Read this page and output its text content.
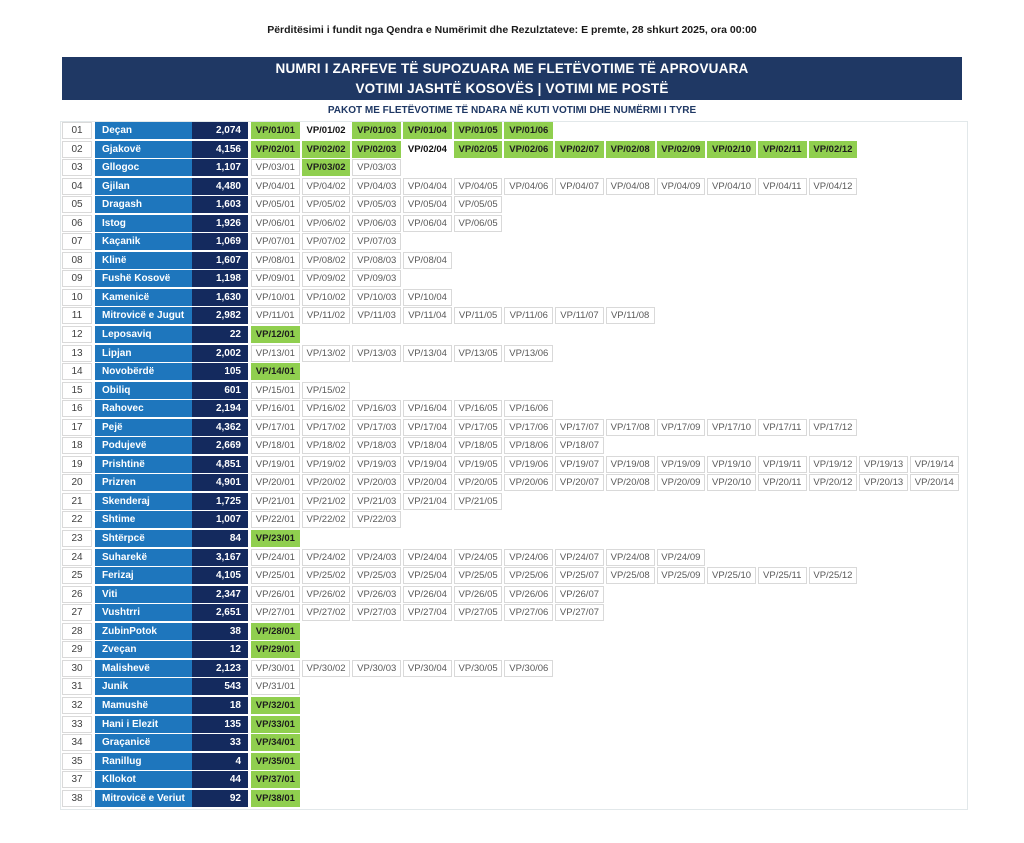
Përditësimi i fundit nga Qendra e Numërimit dhe Rezulztateve: E premte, 28 shkurt 2025, ora 00:00
NUMRI I ZARFEVE TË SUPOZUARA ME FLETËVOTIME TË APROVUARA
VOTIMI JASHTË KOSOVËS | VOTIMI ME POSTË
PAKOT ME FLETËVOTIME TË NDARA NË KUTI VOTIMI DHE NUMËRMI I TYRE
01	Deçan	2,074	VP/01/01	VP/01/02	VP/01/03	VP/01/04	VP/01/05	VP/01/06
02	Gjakovë	4,156	VP/02/01	VP/02/02	VP/02/03	VP/02/04	VP/02/05	VP/02/06	VP/02/07	VP/02/08	VP/02/09	VP/02/10	VP/02/11	VP/02/12
03	Gllogoc	1,107	VP/03/01	VP/03/02	VP/03/03
04	Gjilan	4,480	VP/04/01	VP/04/02	VP/04/03	VP/04/04	VP/04/05	VP/04/06	VP/04/07	VP/04/08	VP/04/09	VP/04/10	VP/04/11	VP/04/12
05	Dragash	1,603	VP/05/01	VP/05/02	VP/05/03	VP/05/04	VP/05/05
06	Istog	1,926	VP/06/01	VP/06/02	VP/06/03	VP/06/04	VP/06/05
07	Kaçanik	1,069	VP/07/01	VP/07/02	VP/07/03
08	Klinë	1,607	VP/08/01	VP/08/02	VP/08/03	VP/08/04
09	Fushë Kosovë	1,198	VP/09/01	VP/09/02	VP/09/03
10	Kamenicë	1,630	VP/10/01	VP/10/02	VP/10/03	VP/10/04
11	Mitrovicë e Jugut	2,982	VP/11/01	VP/11/02	VP/11/03	VP/11/04	VP/11/05	VP/11/06	VP/11/07	VP/11/08
12	Leposaviq	22	VP/12/01
13	Lipjan	2,002	VP/13/01	VP/13/02	VP/13/03	VP/13/04	VP/13/05	VP/13/06
14	Novobërdë	105	VP/14/01
15	Obiliq	601	VP/15/01	VP/15/02
16	Rahovec	2,194	VP/16/01	VP/16/02	VP/16/03	VP/16/04	VP/16/05	VP/16/06
17	Pejë	4,362	VP/17/01	VP/17/02	VP/17/03	VP/17/04	VP/17/05	VP/17/06	VP/17/07	VP/17/08	VP/17/09	VP/17/10	VP/17/11	VP/17/12
18	Podujevë	2,669	VP/18/01	VP/18/02	VP/18/03	VP/18/04	VP/18/05	VP/18/06	VP/18/07
19	Prishtinë	4,851	VP/19/01	VP/19/02	VP/19/03	VP/19/04	VP/19/05	VP/19/06	VP/19/07	VP/19/08	VP/19/09	VP/19/10	VP/19/11	VP/19/12	VP/19/13	VP/19/14
20	Prizren	4,901	VP/20/01	VP/20/02	VP/20/03	VP/20/04	VP/20/05	VP/20/06	VP/20/07	VP/20/08	VP/20/09	VP/20/10	VP/20/11	VP/20/12	VP/20/13	VP/20/14
21	Skenderaj	1,725	VP/21/01	VP/21/02	VP/21/03	VP/21/04	VP/21/05
22	Shtime	1,007	VP/22/01	VP/22/02	VP/22/03
23	Shtërpcë	84	VP/23/01
24	Suharekë	3,167	VP/24/01	VP/24/02	VP/24/03	VP/24/04	VP/24/05	VP/24/06	VP/24/07	VP/24/08	VP/24/09
25	Ferizaj	4,105	VP/25/01	VP/25/02	VP/25/03	VP/25/04	VP/25/05	VP/25/06	VP/25/07	VP/25/08	VP/25/09	VP/25/10	VP/25/11	VP/25/12
26	Viti	2,347	VP/26/01	VP/26/02	VP/26/03	VP/26/04	VP/26/05	VP/26/06	VP/26/07
27	Vushtrri	2,651	VP/27/01	VP/27/02	VP/27/03	VP/27/04	VP/27/05	VP/27/06	VP/27/07
28	ZubinPotok	38	VP/28/01
29	Zveçan	12	VP/29/01
30	Malishevë	2,123	VP/30/01	VP/30/02	VP/30/03	VP/30/04	VP/30/05	VP/30/06
31	Junik	543	VP/31/01
32	Mamushë	18	VP/32/01
33	Hani i Elezit	135	VP/33/01
34	Graçanicë	33	VP/34/01
35	Ranillug	4	VP/35/01
37	Kllokot	44	VP/37/01
38	Mitrovicë e Veriut	92	VP/38/01
